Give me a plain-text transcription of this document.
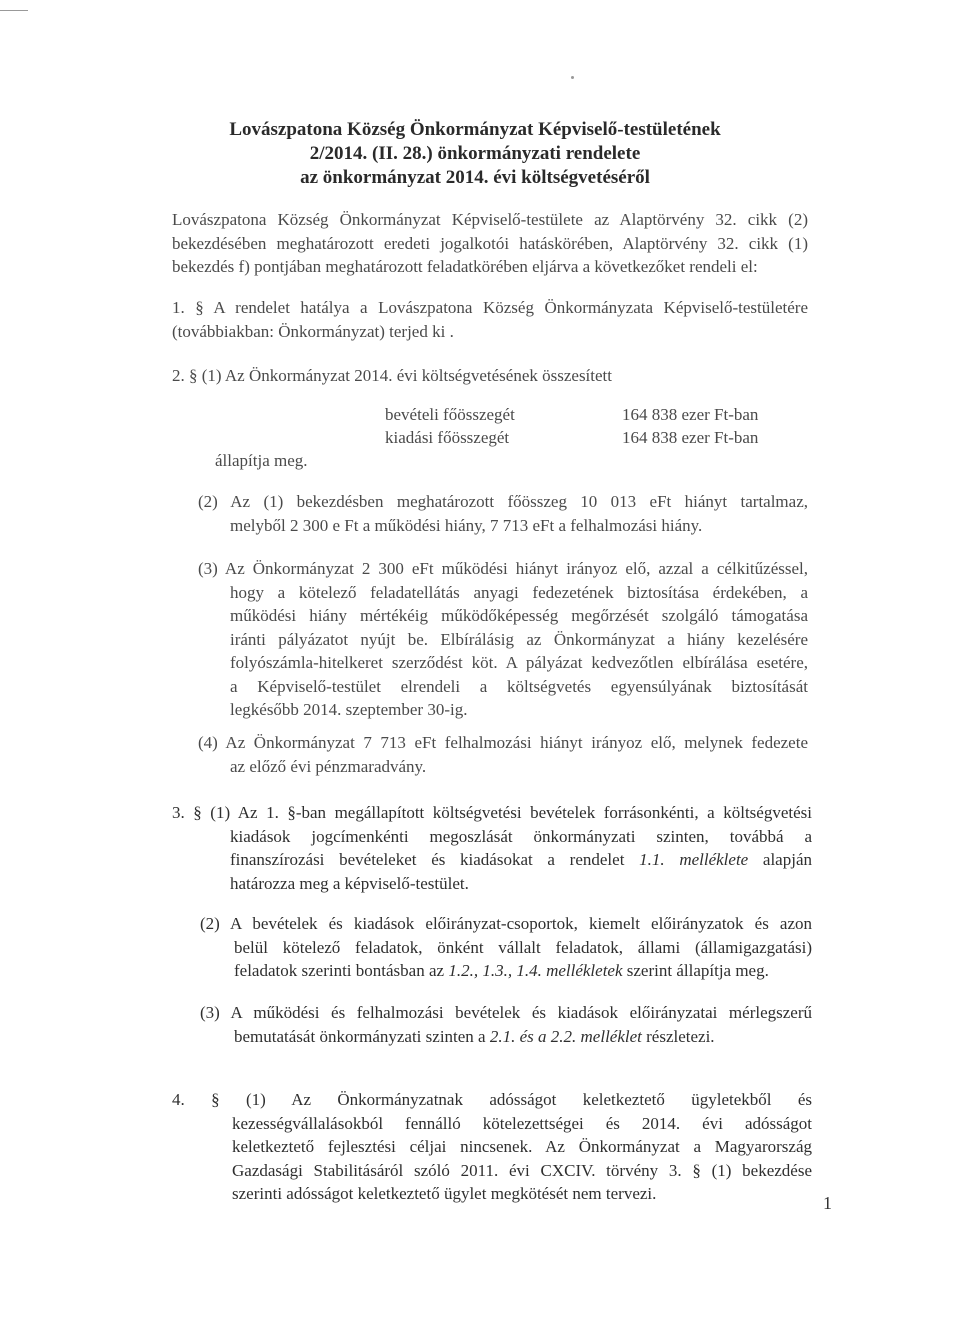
Lovászpatona Község Önkormányzat Képviselő-testületének
2/2014. (II. 28.) önkormányzati rendelete
az önkormányzat 2014. évi költségvetéséről
Lovászpatona Község Önkormányzat Képviselő-testülete az Alaptörvény 32. cikk (2)
bekezdésében meghatározott eredeti jogalkotói hatáskörében, Alaptörvény 32. cikk (1)
bekezdés f) pontjában meghatározott feladatkörében eljárva a következőket rendeli el:
1. § A rendelet hatálya a Lovászpatona Község Önkormányzata Képviselő-testületére
(továbbiakban: Önkormányzat) terjed ki .
2. § (1) Az Önkormányzat 2014. évi költségvetésének összesített
bevételi főösszegét	164 838 ezer Ft-ban
kiadási főösszegét	164 838 ezer Ft-ban
állapítja meg.
(2) Az (1) bekezdésben meghatározott főösszeg 10 013 eFt hiányt tartalmaz,
melyből 2 300 e Ft a működési hiány, 7 713 eFt a felhalmozási hiány.
(3) Az Önkormányzat 2 300 eFt működési hiányt irányoz elő, azzal a célkitűzéssel,
hogy a kötelező feladatellátás anyagi fedezetének biztosítása érdekében, a
működési hiány mértékéig működőképesség megőrzését szolgáló támogatása
iránti pályázatot nyújt be. Elbírálásig az Önkormányzat a hiány kezelésére
folyószámla-hitelkeret szerződést köt. A pályázat kedvezőtlen elbírálása esetére,
a Képviselő-testület elrendeli a költségvetés egyensúlyának biztosítását
legkésőbb 2014. szeptember 30-ig.
(4) Az Önkormányzat 7 713 eFt felhalmozási hiányt irányoz elő, melynek fedezete
az előző évi pénzmaradvány.
3. § (1) Az 1. §-ban megállapított költségvetési bevételek forrásonkénti, a költségvetési
kiadások jogcímenkénti megoszlását önkormányzati szinten, továbbá a
finanszírozási bevételeket és kiadásokat a rendelet 1.1. melléklete alapján
határozza meg a képviselő-testület.
(2) A bevételek és kiadások előirányzat-csoportok, kiemelt előirányzatok és azon
belül kötelező feladatok, önként vállalt feladatok, állami (államigazgatási)
feladatok szerinti bontásban az 1.2., 1.3., 1.4. mellékletek szerint állapítja meg.
(3) A működési és felhalmozási bevételek és kiadások előirányzatai mérlegszerű
bemutatását önkormányzati szinten a 2.1. és a 2.2. melléklet részletezi.
4. § (1) Az Önkormányzatnak adósságot keletkeztető ügyletekből és
kezességvállalásokból fennálló kötelezettségei és 2014. évi adósságot
keletkeztető fejlesztési céljai nincsenek. Az Önkormányzat a Magyarország
Gazdasági Stabilitásáról szóló 2011. évi CXCIV. törvény 3. § (1) bekezdése
szerinti adósságot keletkeztető ügylet megkötését nem tervezi.	1
